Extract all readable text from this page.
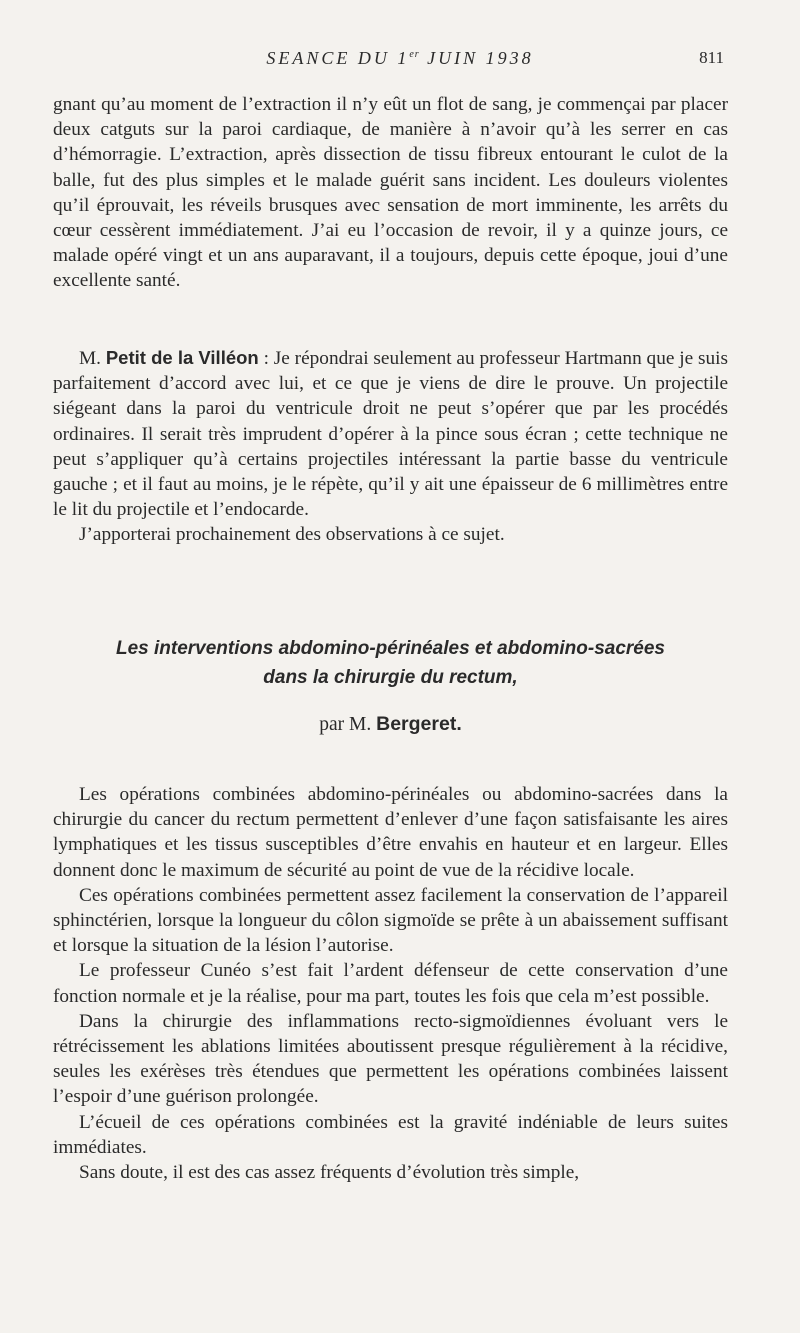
SEANCE DU 1er JUIN 1938	811

gnant qu’au moment de l’extraction il n’y eût un flot de sang, je commençai par placer deux catguts sur la paroi cardiaque, de manière à n’avoir qu’à les serrer en cas d’hémorragie. L’extraction, après dissection de tissu fibreux entourant le culot de la balle, fut des plus simples et le malade guérit sans incident. Les douleurs violentes qu’il éprouvait, les réveils brusques avec sensation de mort imminente, les arrêts du cœur cessèrent immédiatement. J’ai eu l’occasion de revoir, il y a quinze jours, ce malade opéré vingt et un ans auparavant, il a toujours, depuis cette époque, joui d’une excellente santé.

M. Petit de la Villéon : Je répondrai seulement au professeur Hartmann que je suis parfaitement d’accord avec lui, et ce que je viens de dire le prouve. Un projectile siégeant dans la paroi du ventricule droit ne peut s’opérer que par les procédés ordinaires. Il serait très imprudent d’opérer à la pince sous écran ; cette technique ne peut s’appliquer qu’à certains projectiles intéressant la partie basse du ventricule gauche ; et il faut au moins, je le répète, qu’il y ait une épaisseur de 6 millimètres entre le lit du projectile et l’endocarde.

J’apporterai prochainement des observations à ce sujet.

Les interventions abdomino-périnéales et abdomino-sacrées
dans la chirurgie du rectum,
par M. Bergeret.

Les opérations combinées abdomino-périnéales ou abdomino-sacrées dans la chirurgie du cancer du rectum permettent d’enlever d’une façon satisfaisante les aires lymphatiques et les tissus susceptibles d’être envahis en hauteur et en largeur. Elles donnent donc le maximum de sécurité au point de vue de la récidive locale.

Ces opérations combinées permettent assez facilement la conservation de l’appareil sphinctérien, lorsque la longueur du côlon sigmoïde se prête à un abaissement suffisant et lorsque la situation de la lésion l’autorise.

Le professeur Cunéo s’est fait l’ardent défenseur de cette conservation d’une fonction normale et je la réalise, pour ma part, toutes les fois que cela m’est possible.

Dans la chirurgie des inflammations recto-sigmoïdiennes évoluant vers le rétrécissement les ablations limitées aboutissent presque régulièrement à la récidive, seules les exérèses très étendues que permettent les opérations combinées laissent l’espoir d’une guérison prolongée.

L’écueil de ces opérations combinées est la gravité indéniable de leurs suites immédiates.

Sans doute, il est des cas assez fréquents d’évolution très simple,
